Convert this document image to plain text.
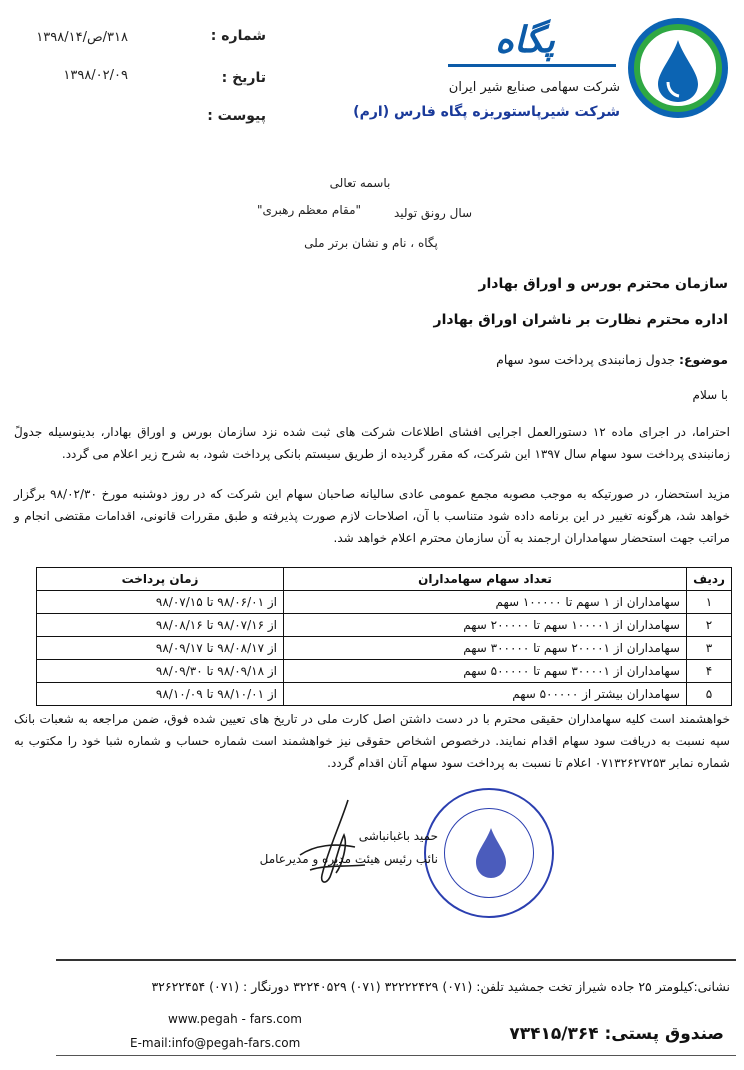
پگاه
شرکت سهامی صنایع شیر ایران
شرکت شیرپاستوریزه پگاه فارس (ارم)
شماره :
۳۱۸/ص/۱۳۹۸/۱۴
تاریخ :
۱۳۹۸/۰۲/۰۹
پیوست :
باسمه تعالی
سال رونق تولید
"مقام معظم رهبری"
پگاه ، نام و نشان برتر ملی
سازمان محترم بورس و اوراق بهادار
اداره محترم نظارت بر ناشران اوراق بهادار
موضوع: جدول زمانبندی پرداخت سود سهام
با سلام
احتراما، در اجرای ماده ۱۲ دستورالعمل اجرایی افشای اطلاعات شرکت های ثبت شده نزد سازمان بورس و اوراق بهادار، بدینوسیله جدولً زمانبندی پرداخت سود سهام سال ۱۳۹۷ این شرکت، که مقرر گردیده از طریق سیستم بانکی پرداخت شود، به شرح زیر اعلام می گردد.
مزید استحضار، در صورتیکه به موجب مصوبه مجمع عمومی عادی سالیانه صاحبان سهام این شرکت که در روز دوشنبه مورخ ۹۸/۰۲/۳۰ برگزار خواهد شد، هرگونه تغییر در این برنامه داده شود متناسب با آن، اصلاحات لازم صورت پذیرفته و طبق مقررات قانونی، اقدامات مقتضی انجام و مراتب جهت استحضار سهامداران ارجمند به آن سازمان محترم اعلام خواهد شد.
ردیف	تعداد سهام سهامداران	زمان پرداخت
۱	سهامداران از ۱ سهم تا ۱۰۰۰۰۰ سهم	از ۹۸/۰۶/۰۱ تا ۹۸/۰۷/۱۵
۲	سهامداران از ۱۰۰۰۰۱ سهم تا ۲۰۰۰۰۰ سهم	از ۹۸/۰۷/۱۶ تا ۹۸/۰۸/۱۶
۳	سهامداران از ۲۰۰۰۰۱ سهم تا ۳۰۰۰۰۰ سهم	از ۹۸/۰۸/۱۷ تا ۹۸/۰۹/۱۷
۴	سهامداران از ۳۰۰۰۰۱ سهم تا ۵۰۰۰۰۰ سهم	از ۹۸/۰۹/۱۸ تا ۹۸/۰۹/۳۰
۵	سهامداران بیشتر از ۵۰۰۰۰۰ سهم	از ۹۸/۱۰/۰۱ تا ۹۸/۱۰/۰۹
خواهشمند است کلیه سهامداران حقیقی محترم با در دست داشتن اصل کارت ملی در تاریخ های تعیین شده فوق، ضمن مراجعه به شعبات بانک سپه نسبت به دریافت سود سهام اقدام نمایند. درخصوص اشخاص حقوقی نیز خواهشمند است شماره حساب و شماره شبا خود را مکتوب به شماره نمابر ۰۷۱۳۲۶۲۷۲۵۳ اعلام تا نسبت به پرداخت سود سهام آنان اقدام گردد.
حمید باغبانباشی
نائب رئیس هیئت مدیره و مدیرعامل
نشانی:کیلومتر ۲۵ جاده شیراز تخت جمشید تلفن: (۰۷۱) ۳۲۲۲۲۴۲۹ (۰۷۱) ۳۲۲۴۰۵۲۹ دورنگار : (۰۷۱) ۳۲۶۲۲۴۵۴
www.pegah - fars.com
E-mail:info@pegah-fars.com	صندوق پستی: ۷۳۴۱۵/۳۶۴
